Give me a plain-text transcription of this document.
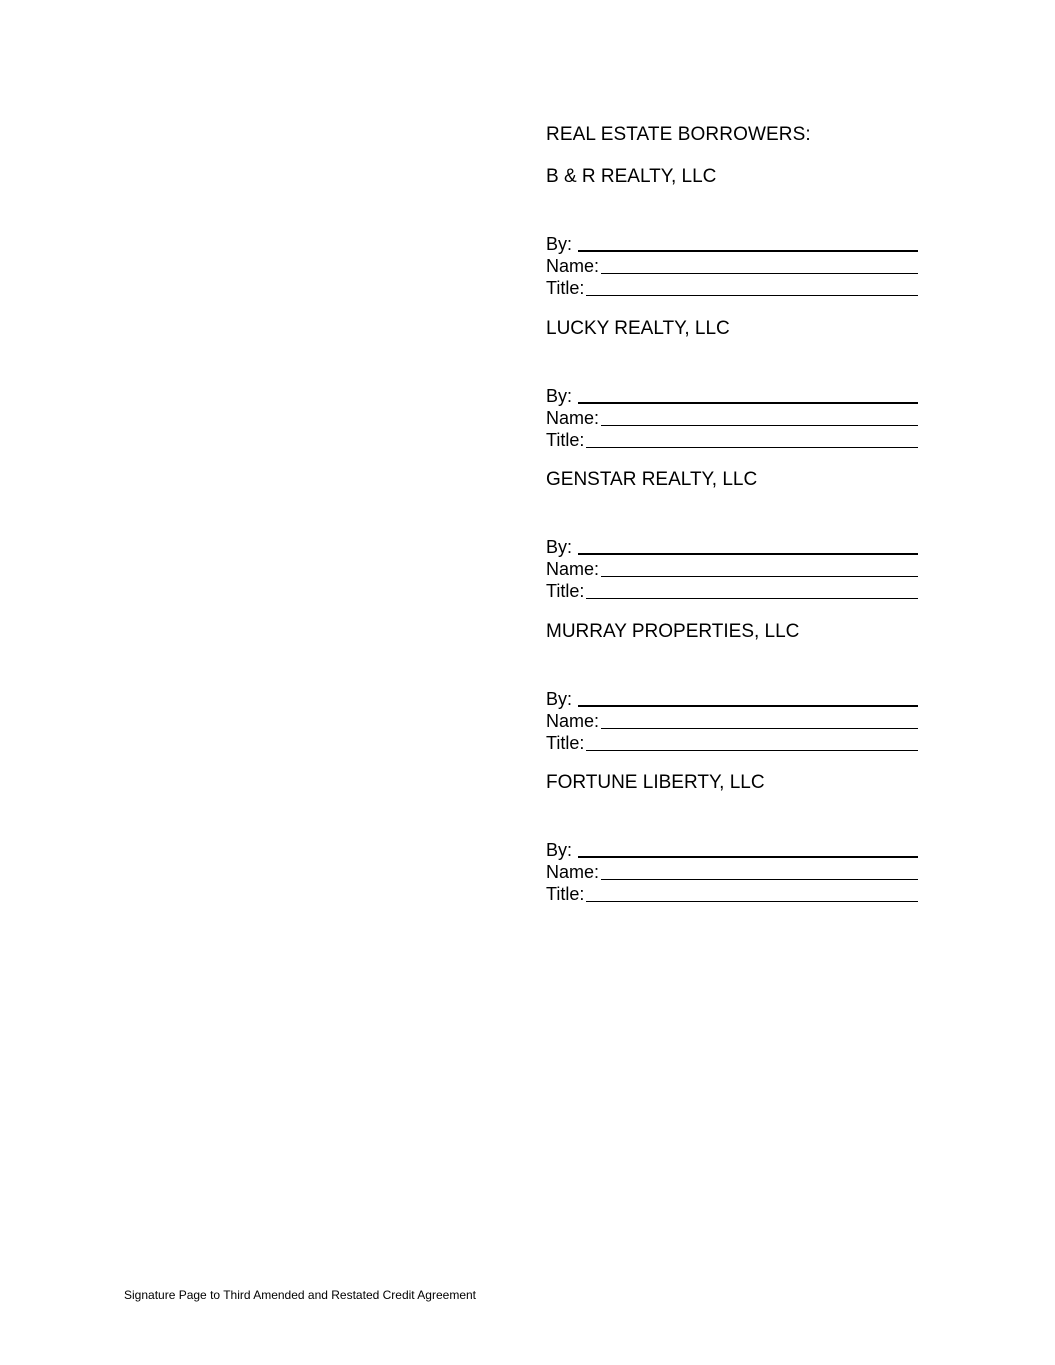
REAL ESTATE BORROWERS:
B & R REALTY, LLC
By:
Name:
Title:
LUCKY REALTY, LLC
By:
Name:
Title:
GENSTAR REALTY, LLC
By:
Name:
Title:
MURRAY PROPERTIES, LLC
By:
Name:
Title:
FORTUNE LIBERTY, LLC
By:
Name:
Title:
Signature Page to Third Amended and Restated Credit Agreement
